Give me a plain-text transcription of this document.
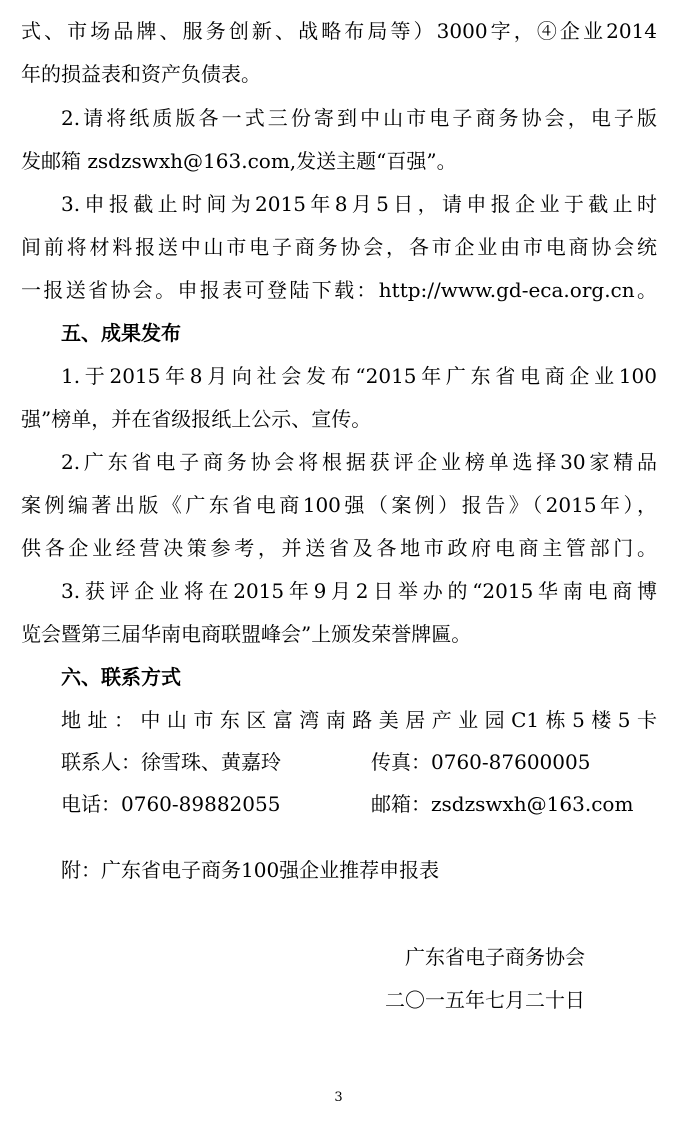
式、市场品牌、服务创新、战略布局等）3000字，④企业2014
年的损益表和资产负债表。
2.请将纸质版各一式三份寄到中山市电子商务协会，电子版
发邮箱 zsdzswxh@163.com,发送主题“百强”。
3.申报截止时间为2015年8月5日，请申报企业于截止时
间前将材料报送中山市电子商务协会，各市企业由市电商协会统
一报送省协会。申报表可登陆下载：http://www.gd-eca.org.cn。
五、成果发布
1.于2015年8月向社会发布“2015年广东省电商企业100
强”榜单，并在省级报纸上公示、宣传。
2.广东省电子商务协会将根据获评企业榜单选择30家精品
案例编著出版《广东省电商100强（案例）报告》（2015年），
供各企业经营决策参考，并送省及各地市政府电商主管部门。
3.获评企业将在2015年9月2日举办的“2015华南电商博
览会暨第三届华南电商联盟峰会”上颁发荣誉牌匾。
六、联系方式
地址：中山市东区富湾南路美居产业园C1栋5楼5卡
联系人：徐雪珠、黄嘉玲	传真：0760-87600005
电话：0760-89882055	邮箱：zsdzswxh@163.com
附：广东省电子商务100强企业推荐申报表
广东省电子商务协会
二〇一五年七月二十日
3
